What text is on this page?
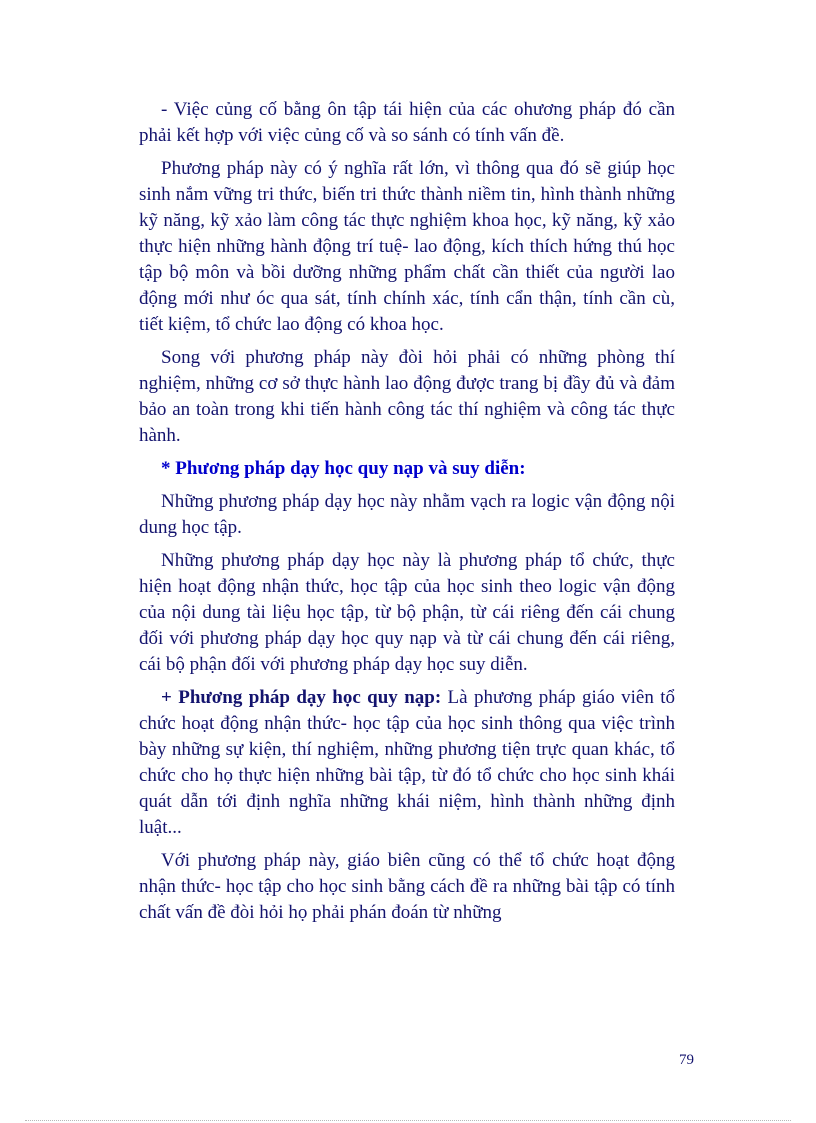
- Việc củng cố bằng ôn tập tái hiện của các ohương pháp đó cần phải kết hợp với việc củng cố và so sánh có tính vấn đề.

Phương pháp này có ý nghĩa rất lớn, vì thông qua đó sẽ giúp học sinh nắm vững tri thức, biến tri thức thành niềm tin, hình thành những kỹ năng, kỹ xảo làm công tác thực nghiệm khoa học, kỹ năng, kỹ xảo thực hiện những hành động trí tuệ- lao động, kích thích hứng thú học tập bộ môn và bồi dưỡng những phẩm chất cần thiết của người lao động mới như óc qua sát, tính chính xác, tính cẩn thận, tính cần cù, tiết kiệm, tổ chức lao động có khoa học.

Song với phương pháp này đòi hỏi phải có những phòng thí nghiệm, những cơ sở thực hành lao động được trang bị đầy đủ và đảm bảo an toàn trong khi tiến hành công tác thí nghiệm và công tác thực hành.

* Phương pháp dạy học quy nạp và suy diễn:

Những phương pháp dạy học này nhằm vạch ra logic vận động nội dung học tập.

Những phương pháp dạy học này là phương pháp tổ chức, thực hiện hoạt động nhận thức, học tập của học sinh theo logic vận động của nội dung tài liệu học tập, từ bộ phận, từ cái riêng đến cái chung đối với phương pháp dạy học quy nạp và từ cái chung đến cái riêng, cái bộ phận đối với phương pháp dạy học suy diễn.

+ Phương pháp dạy học quy nạp: Là phương pháp giáo viên tổ chức hoạt động nhận thức- học tập của học sinh thông qua việc trình bày những sự kiện, thí nghiệm, những phương tiện trực quan khác, tổ chức cho họ thực hiện những bài tập, từ đó tổ chức cho học sinh khái quát dẫn tới định nghĩa những khái niệm, hình thành những định luật...

Với phương pháp này, giáo biên cũng có thể tổ chức hoạt động nhận thức- học tập cho học sinh bằng cách đề ra những bài tập có tính chất vấn đề đòi hỏi họ phải phán đoán từ những

79
